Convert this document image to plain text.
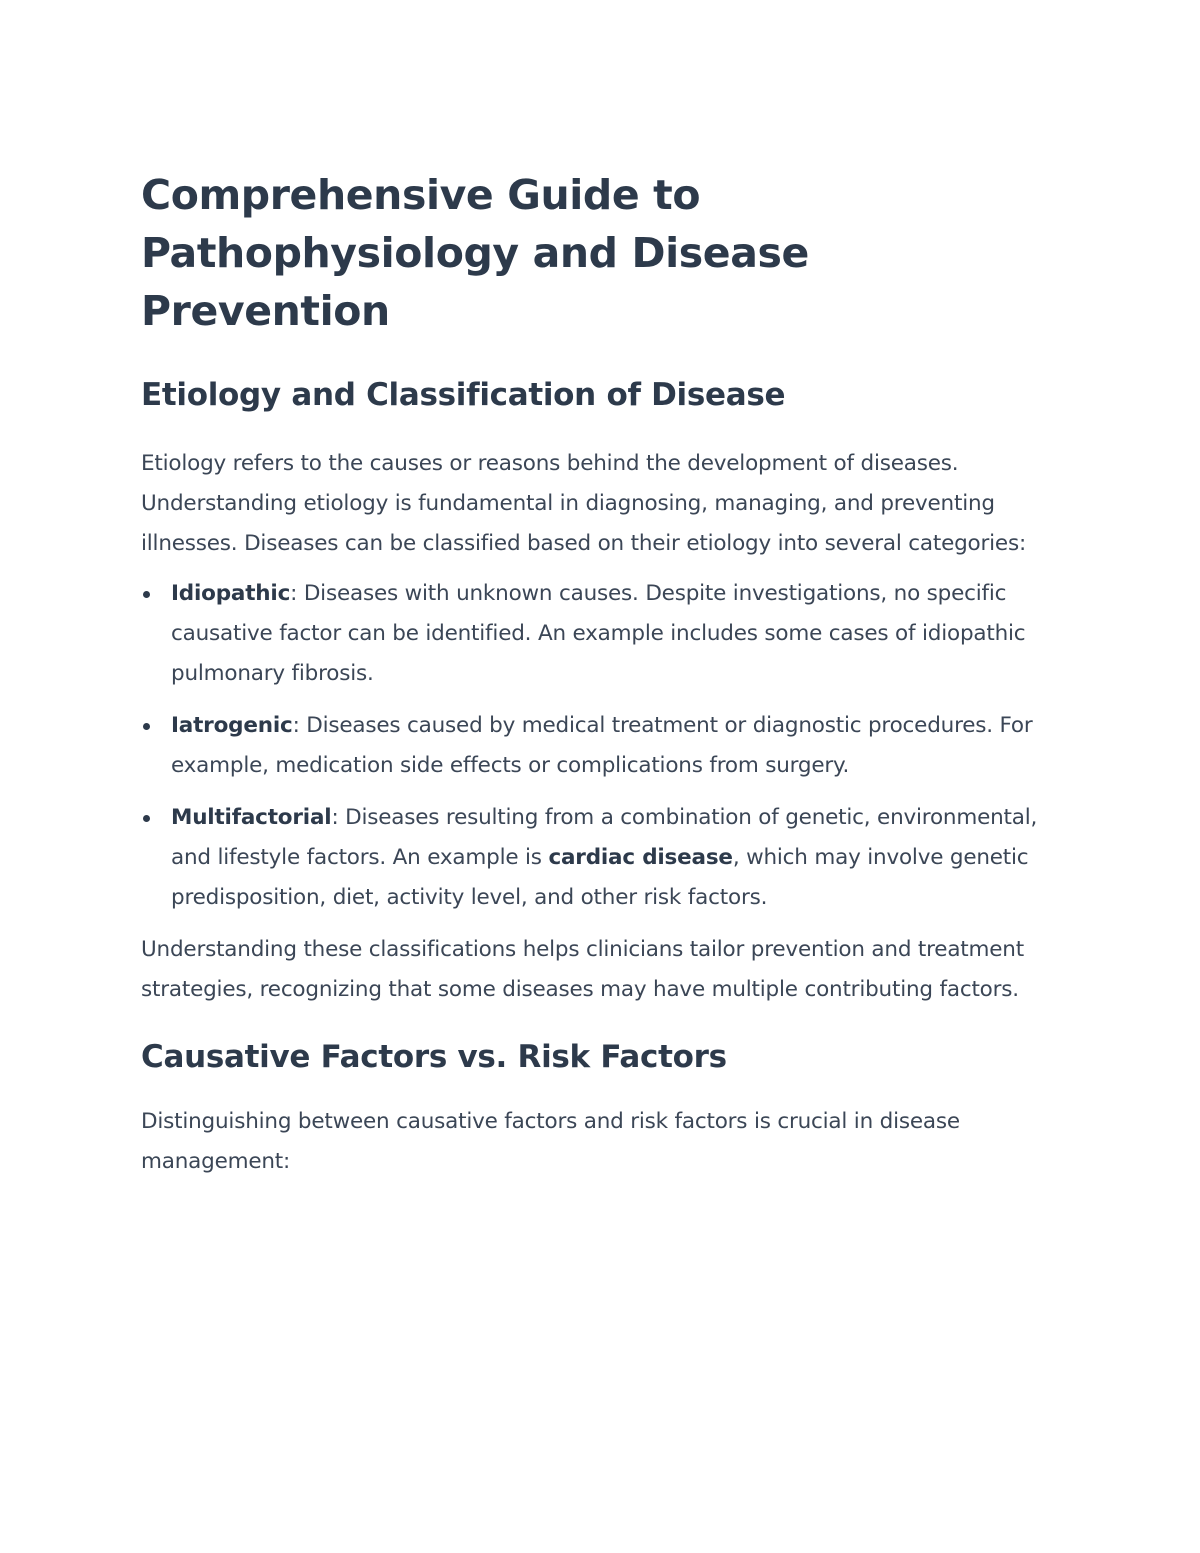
Comprehensive Guide to
Pathophysiology and Disease
Prevention
Etiology and Classification of Disease

Etiology refers to the causes or reasons behind the development of diseases. Understanding etiology is fundamental in diagnosing, managing, and preventing illnesses. Diseases can be classified based on their etiology into several categories:

Idiopathic: Diseases with unknown causes. Despite investigations, no specific causative factor can be identified. An example includes some cases of idiopathic pulmonary fibrosis.
Iatrogenic: Diseases caused by medical treatment or diagnostic procedures. For example, medication side effects or complications from surgery.
Multifactorial: Diseases resulting from a combination of genetic, environmental, and lifestyle factors. An example is cardiac disease, which may involve genetic predisposition, diet, activity level, and other risk factors.

Understanding these classifications helps clinicians tailor prevention and treatment strategies, recognizing that some diseases may have multiple contributing factors.

Causative Factors vs. Risk Factors

Distinguishing between causative factors and risk factors is crucial in disease management:
